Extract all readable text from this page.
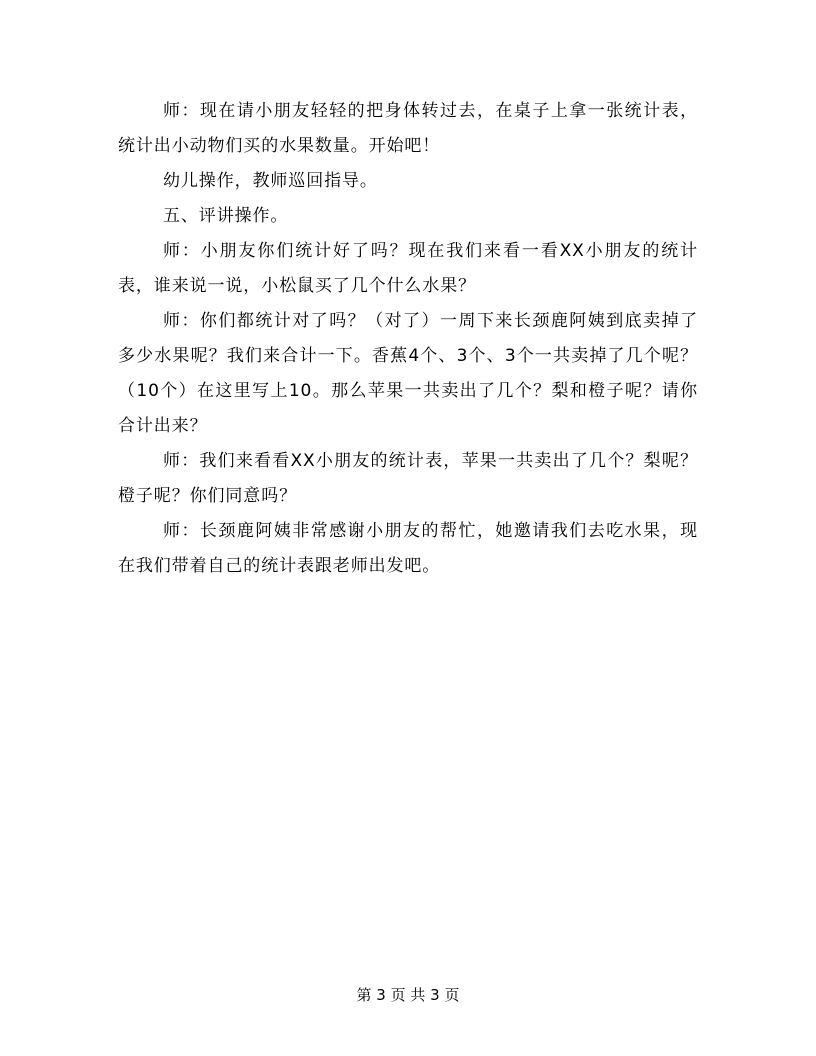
师：现在请小朋友轻轻的把身体转过去，在桌子上拿一张统计表，统计出小动物们买的水果数量。开始吧！

幼儿操作，教师巡回指导。

五、评讲操作。

师：小朋友你们统计好了吗？现在我们来看一看XX小朋友的统计表，谁来说一说，小松鼠买了几个什么水果？

师：你们都统计对了吗？（对了）一周下来长颈鹿阿姨到底卖掉了多少水果呢？我们来合计一下。香蕉4个、3个、3个一共卖掉了几个呢？（10个）在这里写上10。那么苹果一共卖出了几个？梨和橙子呢？请你合计出来？

师：我们来看看XX小朋友的统计表，苹果一共卖出了几个？梨呢？橙子呢？你们同意吗？

师：长颈鹿阿姨非常感谢小朋友的帮忙，她邀请我们去吃水果，现在我们带着自己的统计表跟老师出发吧。

第 3 页 共 3 页
